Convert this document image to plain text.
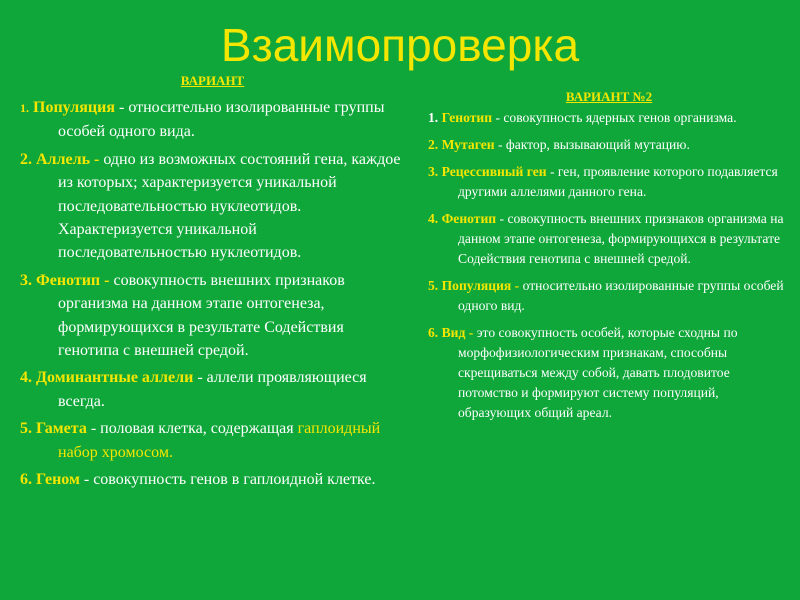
Взаимопроверка
ВАРИАНТ
1. Популяция - относительно изолированные группы особей одного вида.
2. Аллель - одно из возможных состояний гена, каждое из которых; характеризуется уникальной последовательностью нуклеотидов. Характеризуется уникальной последовательностью нуклеотидов.
3. Фенотип - совокупность внешних признаков организма на данном этапе онтогенеза, формирующихся в результате Содействия генотипа с внешней средой.
4. Доминантные аллели - аллели проявляющиеся всегда.
5. Гамета - половая клетка, содержащая гаплоидный набор хромосом.
6. Геном - совокупность генов в гаплоидной клетке.
ВАРИАНТ №2
1. Генотип - совокупность ядерных генов организма.
2. Мутаген - фактор, вызывающий мутацию.
3. Рецессивный ген - ген, проявление которого подавляется другими аллелями данного гена.
4. Фенотип - совокупность внешних признаков организма на данном этапе онтогенеза, формирующихся в результате Содействия генотипа с внешней средой.
5. Популяция - относительно изолированные группы особей одного вид.
6. Вид - это совокупность особей, которые сходны по морфофизиологическим признакам, способны скрещиваться между собой, давать плодовитое потомство и формируют систему популяций, образующих общий ареал.
